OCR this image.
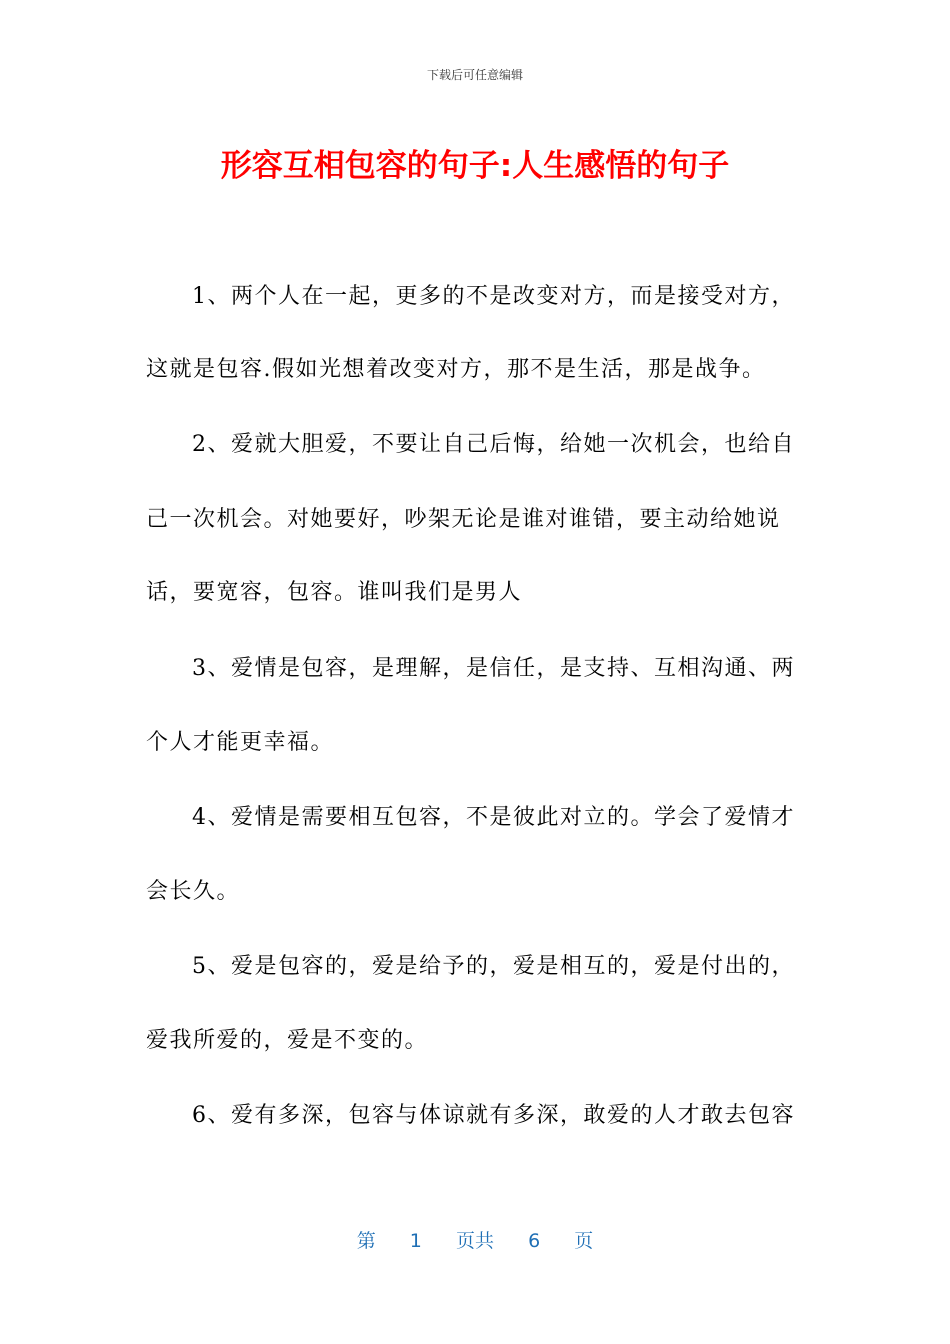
下载后可任意编辑
形容互相包容的句子:人生感悟的句子
1、两个人在一起，更多的不是改变对方，而是接受对方，
这就是包容.假如光想着改变对方，那不是生活，那是战争。
2、爱就大胆爱，不要让自己后悔，给她一次机会，也给自
己一次机会。对她要好，吵架无论是谁对谁错，要主动给她说
话，要宽容，包容。谁叫我们是男人
3、爱情是包容，是理解，是信任，是支持、互相沟通、两
个人才能更幸福。
4、爱情是需要相互包容，不是彼此对立的。学会了爱情才
会长久。
5、爱是包容的，爱是给予的，爱是相互的，爱是付出的，
爱我所爱的，爱是不变的。
6、爱有多深，包容与体谅就有多深，敢爱的人才敢去包容
第 1 页共 6 页
